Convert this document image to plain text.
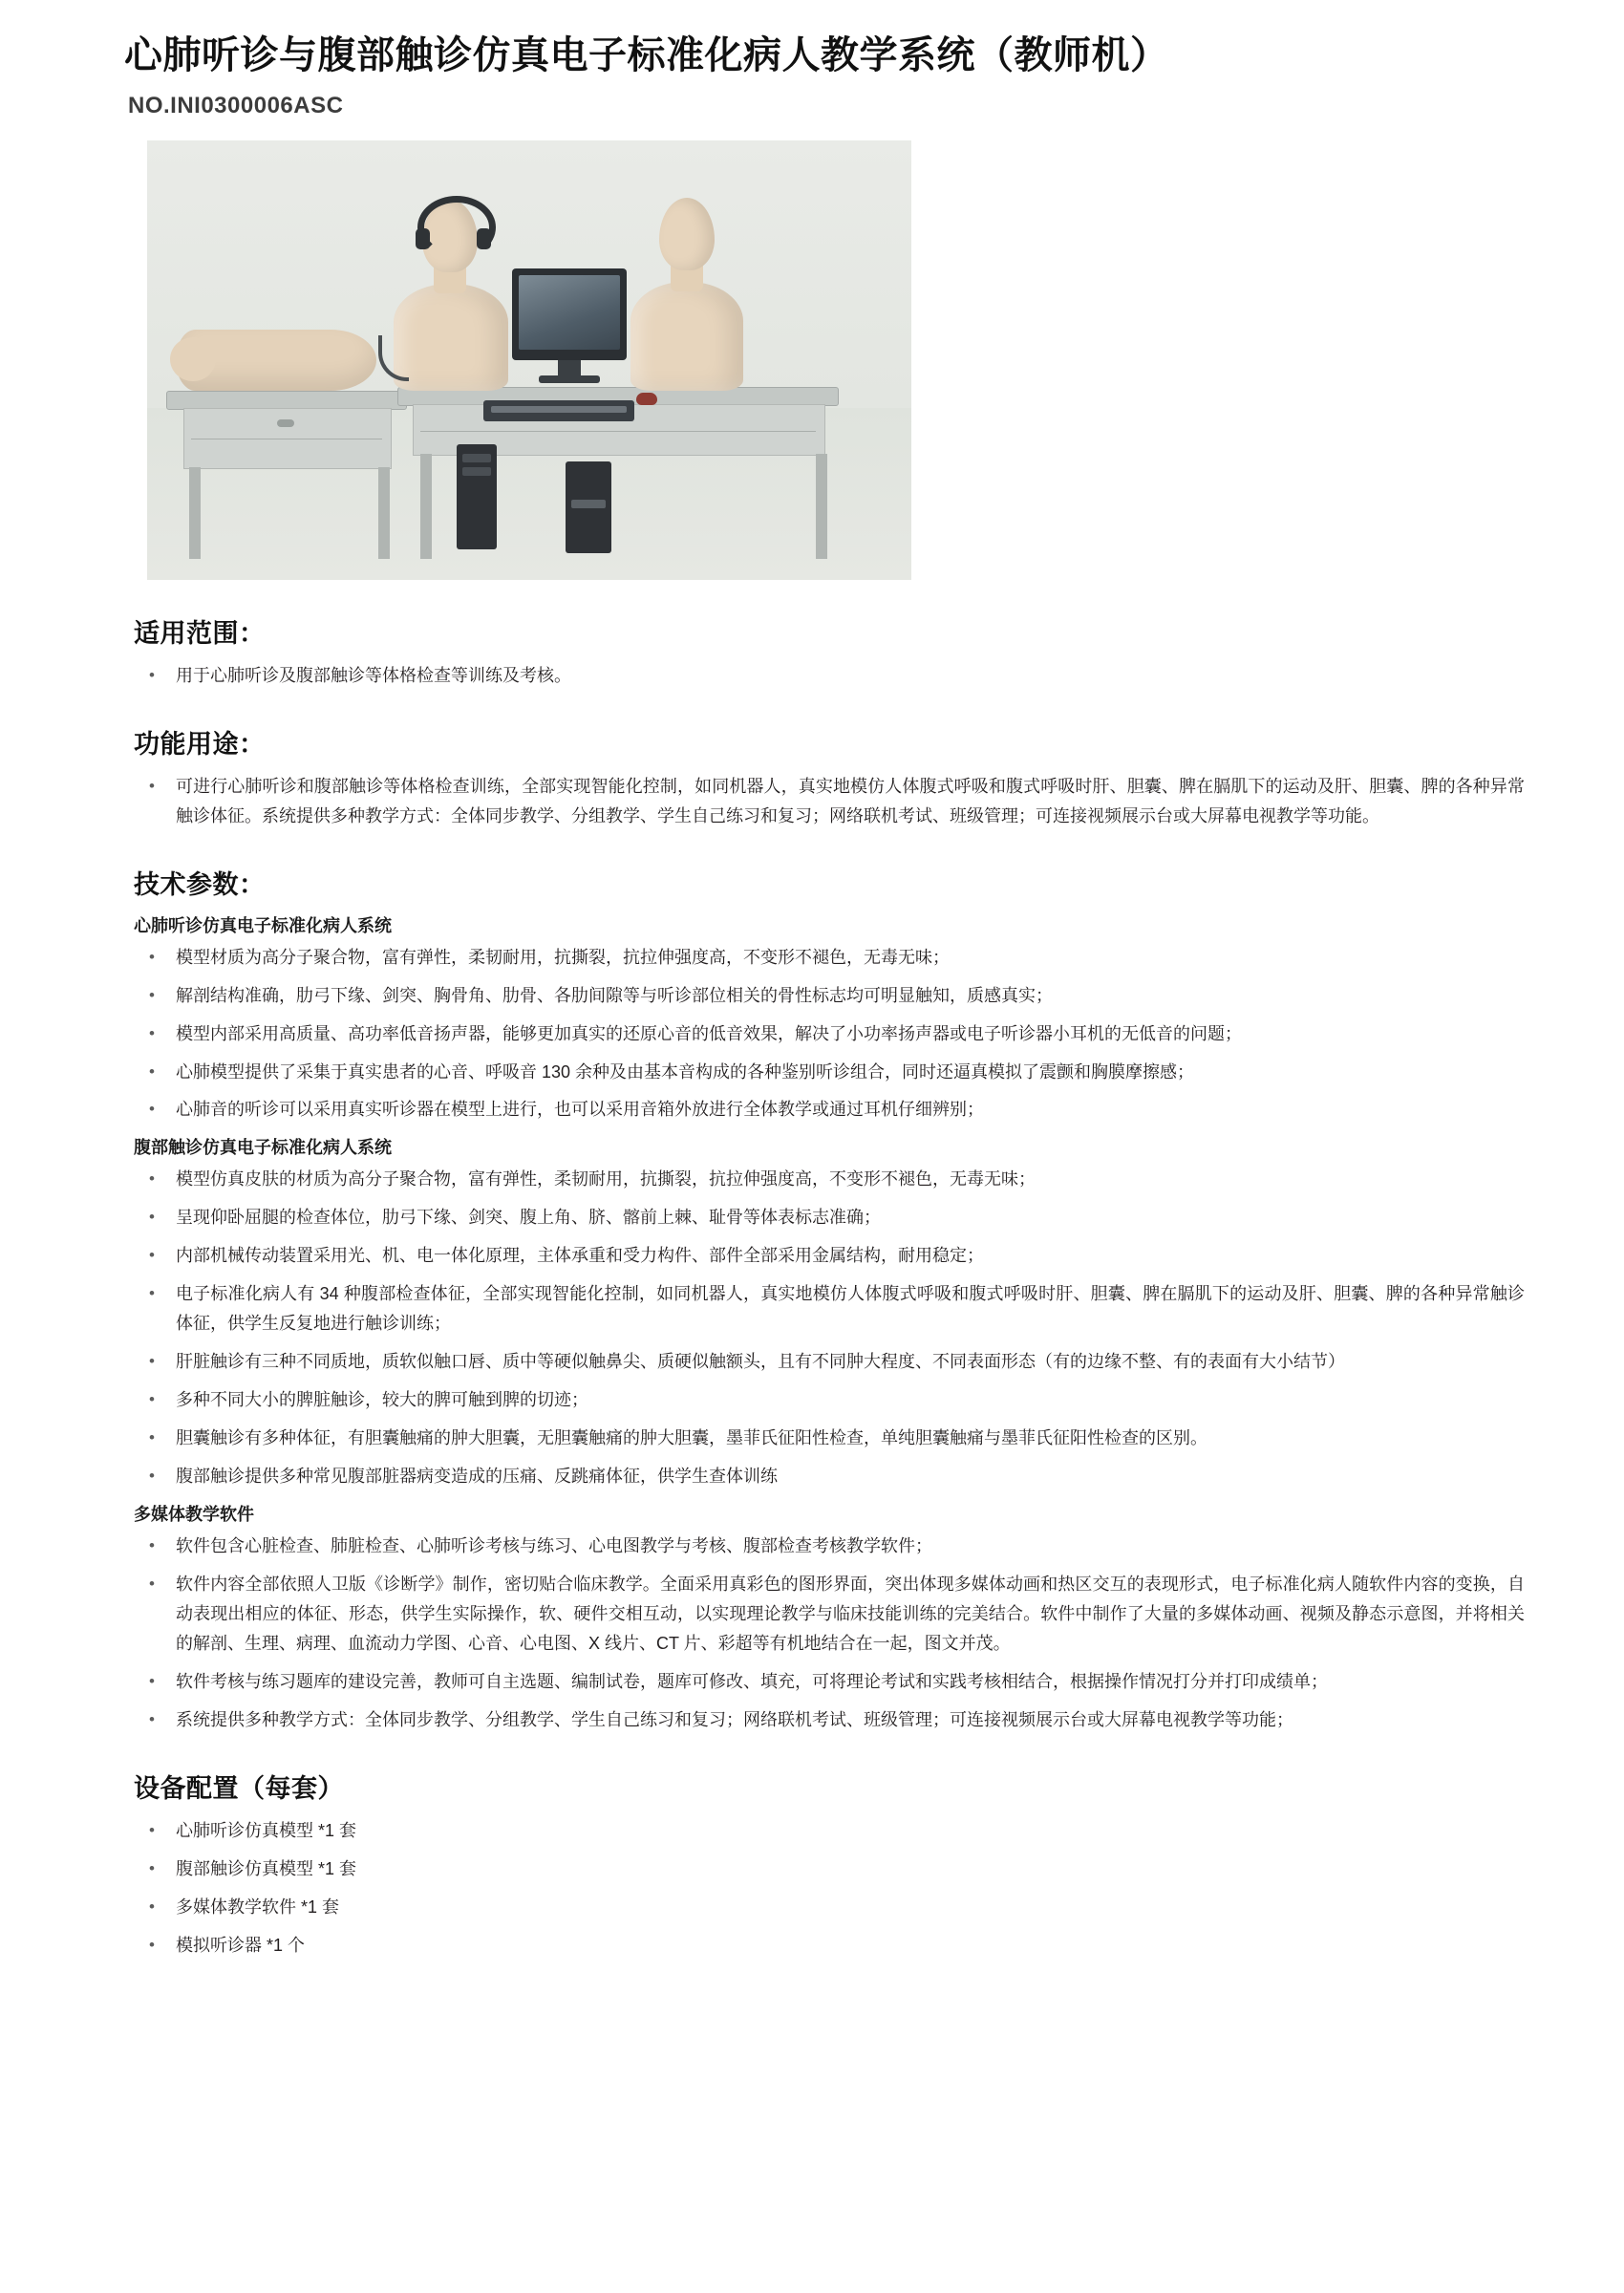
心肺听诊与腹部触诊仿真电子标准化病人教学系统（教师机）
NO.INI0300006ASC
适用范围：
• 用于心肺听诊及腹部触诊等体格检查等训练及考核。
功能用途：
• 可进行心肺听诊和腹部触诊等体格检查训练，全部实现智能化控制，如同机器人，真实地模仿人体腹式呼吸和腹式呼吸时肝、胆囊、脾在膈肌下的运动及肝、胆囊、脾的各种异常触诊体征。系统提供多种教学方式：全体同步教学、分组教学、学生自己练习和复习；网络联机考试、班级管理；可连接视频展示台或大屏幕电视教学等功能。
技术参数：
心肺听诊仿真电子标准化病人系统
• 模型材质为高分子聚合物，富有弹性，柔韧耐用，抗撕裂，抗拉伸强度高，不变形不褪色，无毒无味；
• 解剖结构准确，肋弓下缘、剑突、胸骨角、肋骨、各肋间隙等与听诊部位相关的骨性标志均可明显触知，质感真实；
• 模型内部采用高质量、高功率低音扬声器，能够更加真实的还原心音的低音效果，解决了小功率扬声器或电子听诊器小耳机的无低音的问题；
• 心肺模型提供了采集于真实患者的心音、呼吸音 130 余种及由基本音构成的各种鉴别听诊组合，同时还逼真模拟了震颤和胸膜摩擦感；
• 心肺音的听诊可以采用真实听诊器在模型上进行，也可以采用音箱外放进行全体教学或通过耳机仔细辨别；
腹部触诊仿真电子标准化病人系统
• 模型仿真皮肤的材质为高分子聚合物，富有弹性，柔韧耐用，抗撕裂，抗拉伸强度高，不变形不褪色，无毒无味；
• 呈现仰卧屈腿的检查体位，肋弓下缘、剑突、腹上角、脐、髂前上棘、耻骨等体表标志准确；
• 内部机械传动装置采用光、机、电一体化原理，主体承重和受力构件、部件全部采用金属结构，耐用稳定；
• 电子标准化病人有 34 种腹部检查体征，全部实现智能化控制，如同机器人，真实地模仿人体腹式呼吸和腹式呼吸时肝、胆囊、脾在膈肌下的运动及肝、胆囊、脾的各种异常触诊体征，供学生反复地进行触诊训练；
• 肝脏触诊有三种不同质地，质软似触口唇、质中等硬似触鼻尖、质硬似触额头，且有不同肿大程度、不同表面形态（有的边缘不整、有的表面有大小结节）
• 多种不同大小的脾脏触诊，较大的脾可触到脾的切迹；
• 胆囊触诊有多种体征，有胆囊触痛的肿大胆囊，无胆囊触痛的肿大胆囊，墨菲氏征阳性检查，单纯胆囊触痛与墨菲氏征阳性检查的区别。
• 腹部触诊提供多种常见腹部脏器病变造成的压痛、反跳痛体征，供学生查体训练
多媒体教学软件
• 软件包含心脏检查、肺脏检查、心肺听诊考核与练习、心电图教学与考核、腹部检查考核教学软件；
• 软件内容全部依照人卫版《诊断学》制作，密切贴合临床教学。全面采用真彩色的图形界面，突出体现多媒体动画和热区交互的表现形式，电子标准化病人随软件内容的变换，自动表现出相应的体征、形态，供学生实际操作，软、硬件交相互动，以实现理论教学与临床技能训练的完美结合。软件中制作了大量的多媒体动画、视频及静态示意图，并将相关的解剖、生理、病理、血流动力学图、心音、心电图、X 线片、CT 片、彩超等有机地结合在一起，图文并茂。
• 软件考核与练习题库的建设完善，教师可自主选题、编制试卷，题库可修改、填充，可将理论考试和实践考核相结合，根据操作情况打分并打印成绩单；
• 系统提供多种教学方式：全体同步教学、分组教学、学生自己练习和复习；网络联机考试、班级管理；可连接视频展示台或大屏幕电视教学等功能；
设备配置（每套）
• 心肺听诊仿真模型 *1 套
• 腹部触诊仿真模型 *1 套
• 多媒体教学软件 *1 套
• 模拟听诊器 *1 个
